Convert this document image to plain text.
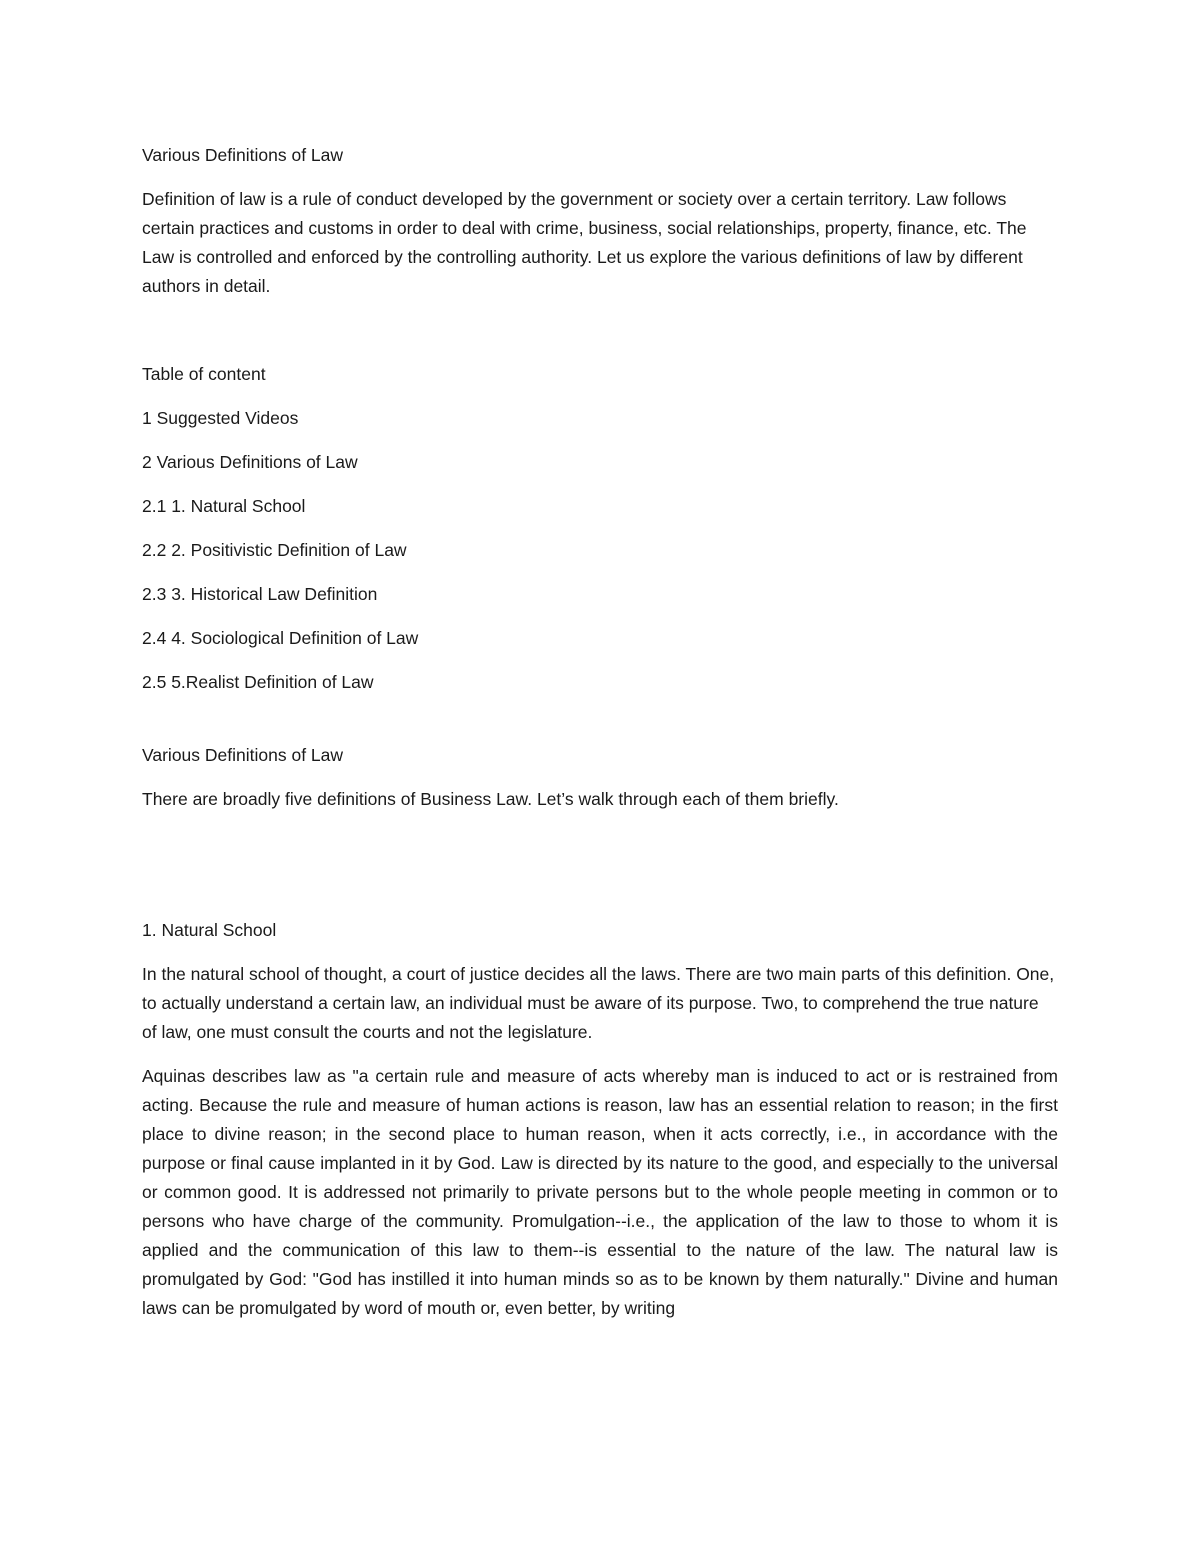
Various Definitions of Law

Definition of law is a rule of conduct developed by the government or society over a certain territory. Law follows certain practices and customs in order to deal with crime, business, social relationships, property, finance, etc. The Law is controlled and enforced by the controlling authority. Let us explore the various definitions of law by different authors in detail.

Table of content

1 Suggested Videos

2 Various Definitions of Law

2.1 1. Natural School

2.2 2. Positivistic Definition of Law

2.3 3. Historical Law Definition

2.4 4. Sociological Definition of Law

2.5 5.Realist Definition of Law

Various Definitions of Law

There are broadly five definitions of Business Law. Let’s walk through each of them briefly.

1. Natural School

In the natural school of thought, a court of justice decides all the laws. There are two main parts of this definition. One, to actually understand a certain law, an individual must be aware of its purpose. Two, to comprehend the true nature of law, one must consult the courts and not the legislature.

Aquinas describes law as "a certain rule and measure of acts whereby man is induced to act or is restrained from acting. Because the rule and measure of human actions is reason, law has an essential relation to reason; in the first place to divine reason; in the second place to human reason, when it acts correctly, i.e., in accordance with the purpose or final cause implanted in it by God. Law is directed by its nature to the good, and especially to the universal or common good. It is addressed not primarily to private persons but to the whole people meeting in common or to persons who have charge of the community. Promulgation--i.e., the application of the law to those to whom it is applied and the communication of this law to them--is essential to the nature of the law. The natural law is promulgated by God: "God has instilled it into human minds so as to be known by them naturally." Divine and human laws can be promulgated by word of mouth or, even better, by writing
